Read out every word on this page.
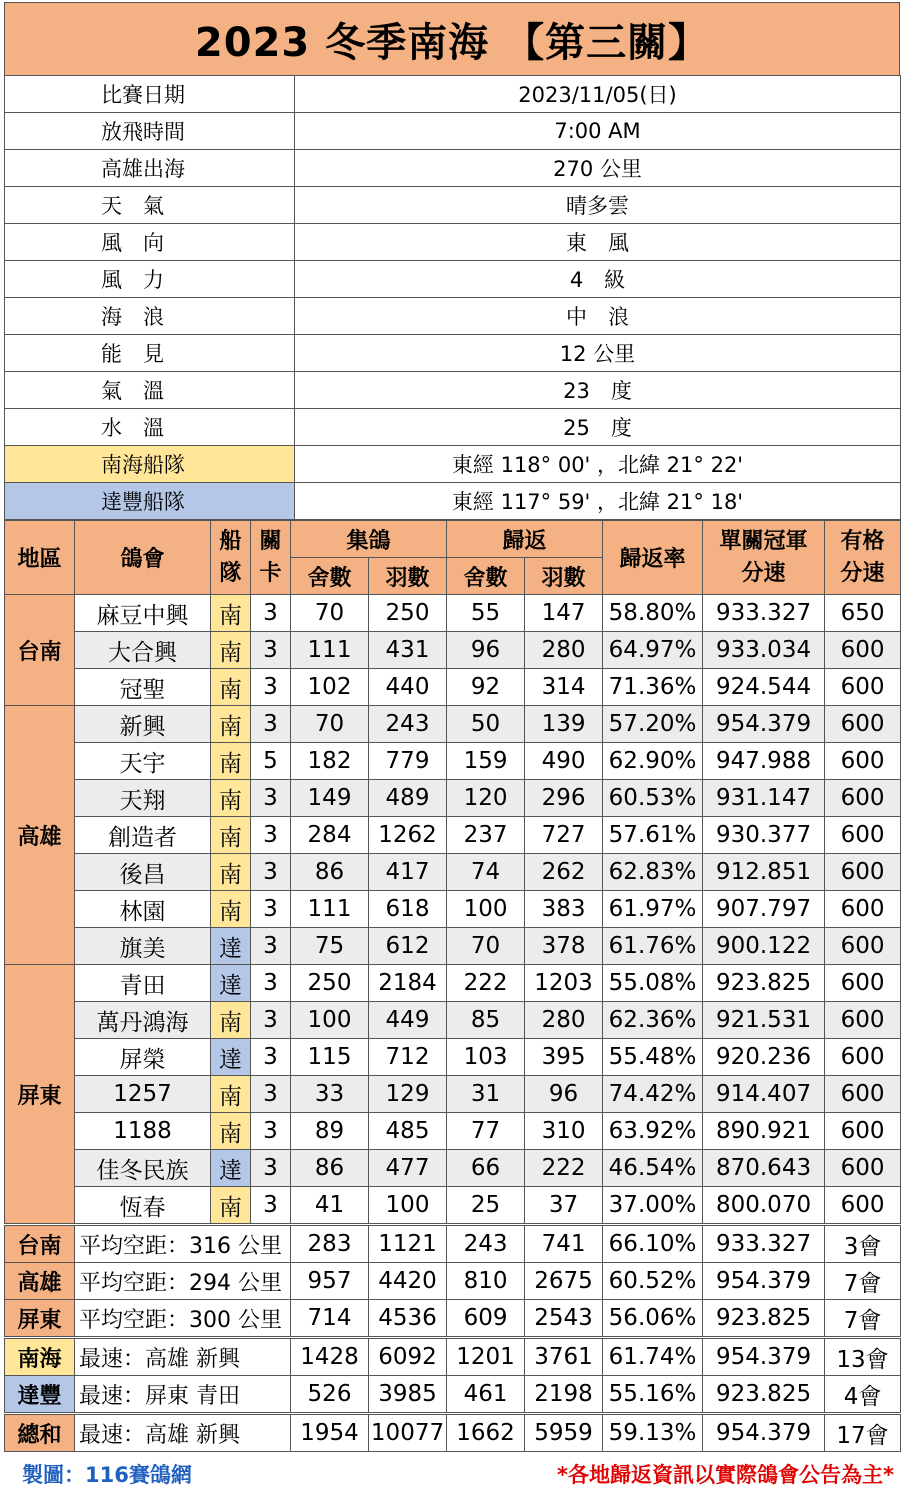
2023 冬季南海 【第三關】
比賽日期	2023/11/05(日)
放飛時間	7:00 AM
高雄出海	270 公里
天　氣	晴多雲
風　向	東　風
風　力	4　級
海　浪	中　浪
能　見	12 公里
氣　溫	23　度
水　溫	25　度
南海船隊	東經 118° 00' ，北緯 21° 22'
達豐船隊	東經 117° 59' ，北緯 21° 18'
地區	鴿會	船隊	關卡	集鴿		歸返		歸返率	單關冠軍分速	有格分速

				舍數	羽數	舍數	羽數			
台南	麻豆中興	南	3	70	250	55	147	58.80%	933.327	650
	大合興	南	3	111	431	96	280	64.97%	933.034	600
	冠聖	南	3	102	440	92	314	71.36%	924.544	600
高雄	新興	南	3	70	243	50	139	57.20%	954.379	600
	天宇	南	5	182	779	159	490	62.90%	947.988	600
	天翔	南	3	149	489	120	296	60.53%	931.147	600
	創造者	南	3	284	1262	237	727	57.61%	930.377	600
	後昌	南	3	86	417	74	262	62.83%	912.851	600
	林園	南	3	111	618	100	383	61.97%	907.797	600
	旗美	達	3	75	612	70	378	61.76%	900.122	600
屏東	青田	達	3	250	2184	222	1203	55.08%	923.825	600
	萬丹鴻海	南	3	100	449	85	280	62.36%	921.531	600
	屏榮	達	3	115	712	103	395	55.48%	920.236	600
	1257	南	3	33	129	31	96	74.42%	914.407	600
	1188	南	3	89	485	77	310	63.92%	890.921	600
	佳冬民族	達	3	86	477	66	222	46.54%	870.643	600
	恆春	南	3	41	100	25	37	37.00%	800.070	600
台南	平均空距：316 公里			283	1121	243	741	66.10%	933.327	3會
高雄	平均空距：294 公里			957	4420	810	2675	60.52%	954.379	7會
屏東	平均空距：300 公里			714	4536	609	2543	56.06%	923.825	7會
南海	最速：高雄 新興			1428	6092	1201	3761	61.74%	954.379	13會
達豐	最速：屏東 青田			526	3985	461	2198	55.16%	923.825	4會
總和	最速：高雄 新興			1954	10077	1662	5959	59.13%	954.379	17會
製圖：116賽鴿網	*各地歸返資訊以實際鴿會公告為主*
